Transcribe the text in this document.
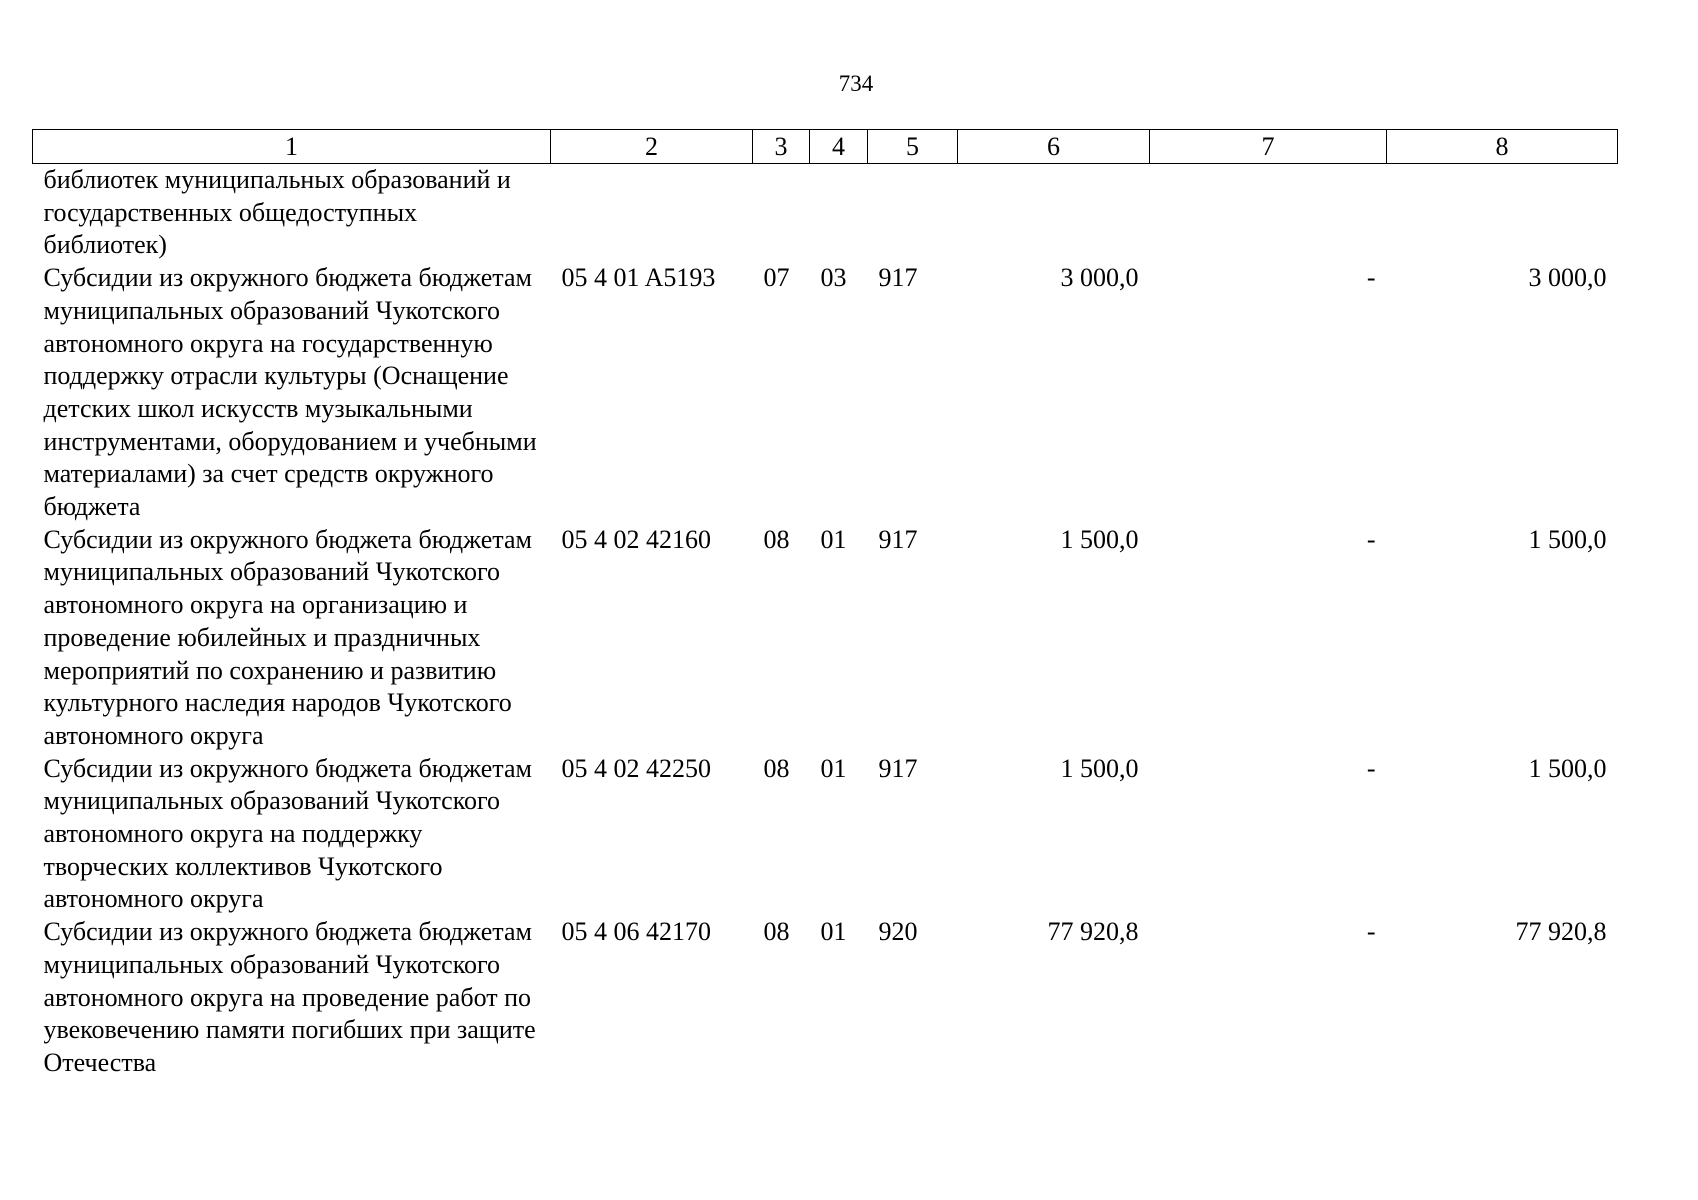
734
1	2	3	4	5	6	7	8
библиотек муниципальных образований и государственных общедоступных библиотек)							
Субсидии из окружного бюджета бюджетам муниципальных образований Чукотского автономного округа на государственную поддержку отрасли культуры (Оснащение детских школ искусств музыкальными инструментами, оборудованием и учебными материалами) за счет средств окружного бюджета	05 4 01 A5193	07	03	917	3 000,0	-	3 000,0
Субсидии из окружного бюджета бюджетам муниципальных образований Чукотского автономного округа на организацию и проведение юбилейных и праздничных мероприятий по сохранению и развитию культурного наследия народов Чукотского автономного округа	05 4 02 42160	08	01	917	1 500,0	-	1 500,0
Субсидии из окружного бюджета бюджетам муниципальных образований Чукотского автономного округа на поддержку творческих коллективов Чукотского автономного округа	05 4 02 42250	08	01	917	1 500,0	-	1 500,0
Субсидии из окружного бюджета бюджетам муниципальных образований Чукотского автономного округа на проведение работ по увековечению памяти погибших при защите Отечества	05 4 06 42170	08	01	920	77 920,8	-	77 920,8
